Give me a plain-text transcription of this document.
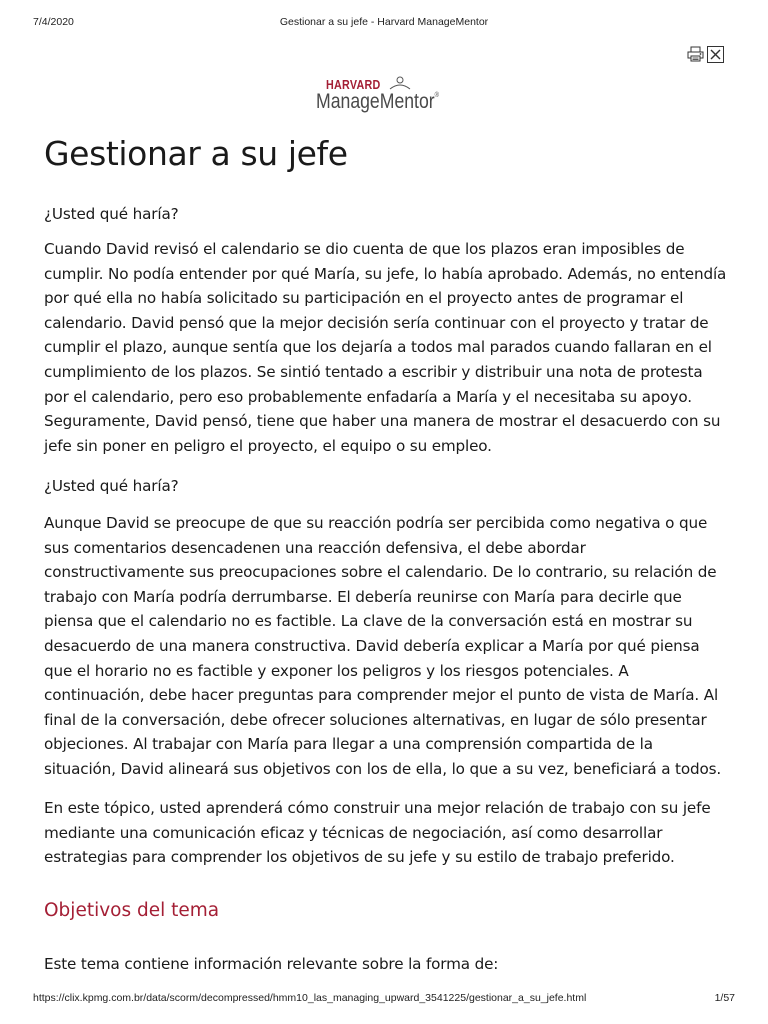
7/4/2020	Gestionar a su jefe - Harvard ManageMentor
HARVARD
ManageMentor®
Gestionar a su jefe

¿Usted qué haría?

Cuando David revisó el calendario se dio cuenta de que los plazos eran imposibles de cumplir. No podía entender por qué María, su jefe, lo había aprobado. Además, no entendía por qué ella no había solicitado su participación en el proyecto antes de programar el calendario. David pensó que la mejor decisión sería continuar con el proyecto y tratar de cumplir el plazo, aunque sentía que los dejaría a todos mal parados cuando fallaran en el cumplimiento de los plazos. Se sintió tentado a escribir y distribuir una nota de protesta por el calendario, pero eso probablemente enfadaría a María y el necesitaba su apoyo. Seguramente, David pensó, tiene que haber una manera de mostrar el desacuerdo con su jefe sin poner en peligro el proyecto, el equipo o su empleo.

¿Usted qué haría?

Aunque David se preocupe de que su reacción podría ser percibida como negativa o que sus comentarios desencadenen una reacción defensiva, el debe abordar constructivamente sus preocupaciones sobre el calendario. De lo contrario, su relación de trabajo con María podría derrumbarse. El debería reunirse con María para decirle que piensa que el calendario no es factible. La clave de la conversación está en mostrar su desacuerdo de una manera constructiva. David debería explicar a María por qué piensa que el horario no es factible y exponer los peligros y los riesgos potenciales. A continuación, debe hacer preguntas para comprender mejor el punto de vista de María. Al final de la conversación, debe ofrecer soluciones alternativas, en lugar de sólo presentar objeciones. Al trabajar con María para llegar a una comprensión compartida de la situación, David alineará sus objetivos con los de ella, lo que a su vez, beneficiará a todos.

En este tópico, usted aprenderá cómo construir una mejor relación de trabajo con su jefe mediante una comunicación eficaz y técnicas de negociación, así como desarrollar estrategias para comprender los objetivos de su jefe y su estilo de trabajo preferido.

Objetivos del tema

Este tema contiene información relevante sobre la forma de:

https://clix.kpmg.com.br/data/scorm/decompressed/hmm10_las_managing_upward_3541225/gestionar_a_su_jefe.html	1/57
